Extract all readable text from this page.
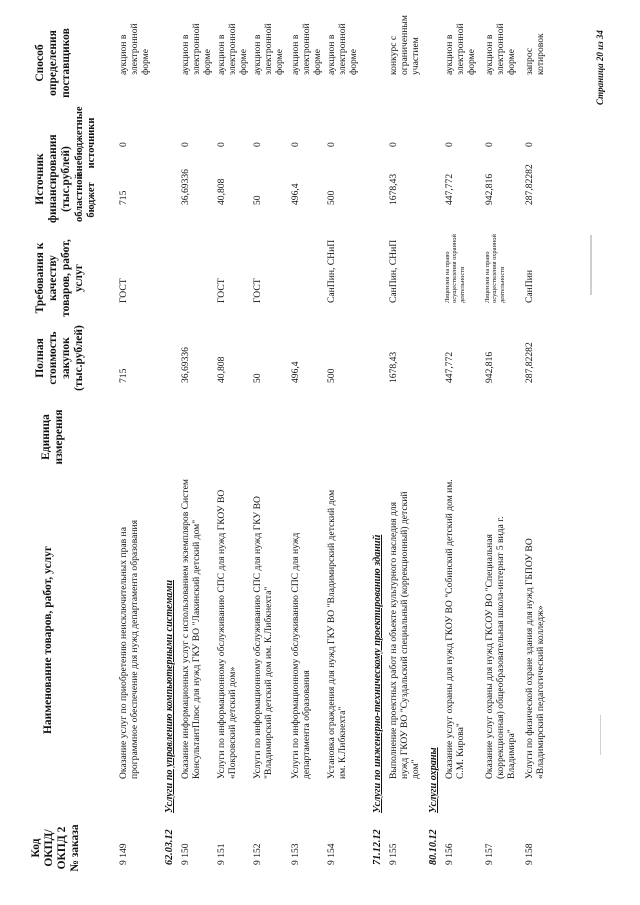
Код ОКПД/ ОКПД 2 № заказа
Наименование товаров, работ, услуг
Единица измерения
Полная стоимость закупок (тыс.рублей)
Требования к качеству товаров, работ, услуг
Источник финансирования (тыс.рублей) областной бюджет
внебюджетные источники
Способ определения поставщиков
9 149
Оказание услуг по приобретению неисключительных прав на программное обеспечение для нужд департамента образования
715
ГОСТ
715
0
аукцион в электронной форме
62.03.12
Услуги по управлению компьютерными системами
9 150
Оказание информационных услуг с использованием экземпляров Систем КонсультантПлюс для нужд ГКУ ВО "Лакинский детский дом"
36,69336
36,69336
0
аукцион в электронной форме
9 151
Услуги по информационному обслуживанию СПС для нужд ГКОУ ВО «Покровский детский дом»
40,808
ГОСТ
40,808
0
аукцион в электронной форме
9 152
Услуги по информационному обслуживанию СПС для нужд ГКУ ВО "Владимирский детский дом им. К.Либкнехта"
50
ГОСТ
50
0
аукцион в электронной форме
9 153
Услуги по информационному обслуживанию СПС для нужд департамента образования
496,4
496,4
0
аукцион в электронной форме
9 154
Установка ограждения для нужд ГКУ ВО "Владимирский детский дом им. К.Либкнехта"
500
СанПин, СНиП
500
0
аукцион в электронной форме
71.12.12
Услуги по инженерно-техническому проектированию зданий
9 155
Выполнение проектных работ на объекте культурного наследия для нужд ГКОУ ВО "Суздальский специальный (коррекционный) детский дом"
1678,43
СанПин, СНиП
1678,43
0
конкурс с ограниченным участием
80.10.12
Услуги охраны
9 156
Оказание услуг охраны для нужд ГКОУ ВО "Собинский детский дом им. С.М. Кирова"
447,772
Лицензия на право осуществления охранной деятельности
447,772
0
аукцион в электронной форме
9 157
Оказание услуг охраны для нужд ГКСОУ ВО "Специальная (коррекционная) общеобразовательная школа-интернат 5 вида г. Владимира"
942,816
Лицензия на право осуществления охранной деятельности
942,816
0
аукцион в электронной форме
9 158
Услуги по физической охране здания для нужд ГБПОУ ВО «Владимирский педагогический колледж»
287,82282
СанПин
287,82282
0
запрос котировок	Страница 20 из 34
